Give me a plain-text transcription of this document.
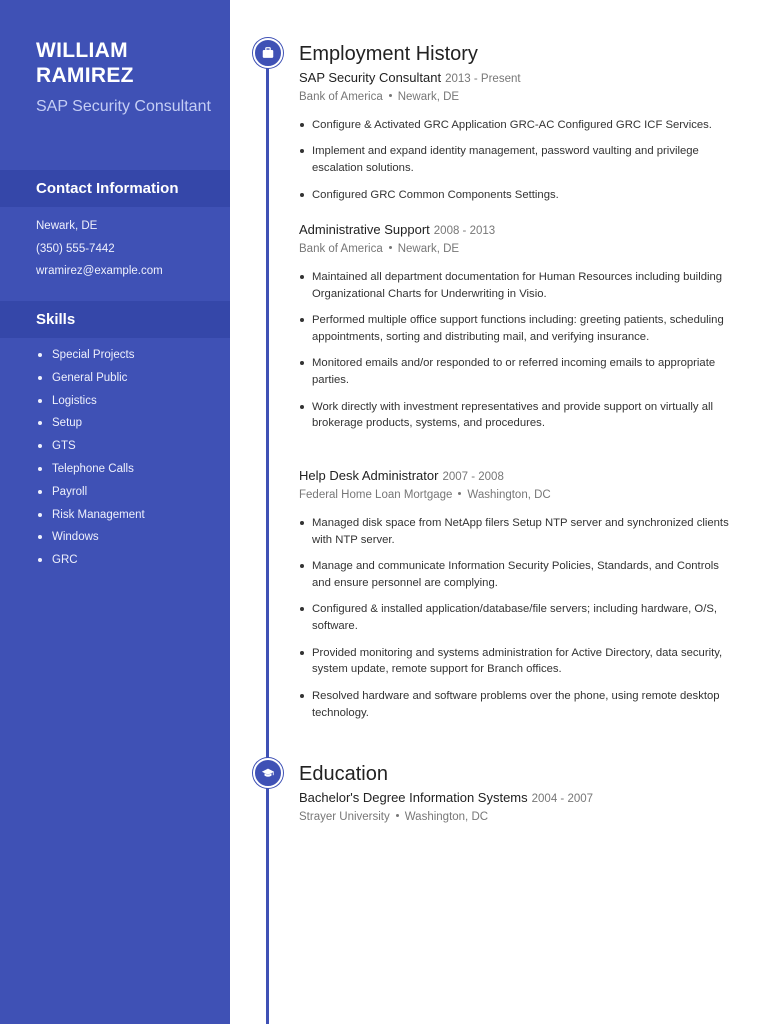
WILLIAM RAMIREZ
SAP Security Consultant
Contact Information
Newark, DE
(350) 555-7442
wramirez@example.com
Skills
Special Projects
General Public
Logistics
Setup
GTS
Telephone Calls
Payroll
Risk Management
Windows
GRC
Employment History
SAP Security Consultant 2013 - Present
Bank of America Newark, DE
Configure & Activated GRC Application GRC-AC Configured GRC ICF Services.
Implement and expand identity management, password vaulting and privilege escalation solutions.
Configured GRC Common Components Settings.
Administrative Support 2008 - 2013
Bank of America Newark, DE
Maintained all department documentation for Human Resources including building Organizational Charts for Underwriting in Visio.
Performed multiple office support functions including: greeting patients, scheduling appointments, sorting and distributing mail, and verifying insurance.
Monitored emails and/or responded to or referred incoming emails to appropriate parties.
Work directly with investment representatives and provide support on virtually all brokerage products, systems, and procedures.
Help Desk Administrator 2007 - 2008
Federal Home Loan Mortgage Washington, DC
Managed disk space from NetApp filers Setup NTP server and synchronized clients with NTP server.
Manage and communicate Information Security Policies, Standards, and Controls and ensure personnel are complying.
Configured & installed application/database/file servers; including hardware, O/S, software.
Provided monitoring and systems administration for Active Directory, data security, system update, remote support for Branch offices.
Resolved hardware and software problems over the phone, using remote desktop technology.
Education
Bachelor's Degree Information Systems 2004 - 2007
Strayer University Washington, DC
